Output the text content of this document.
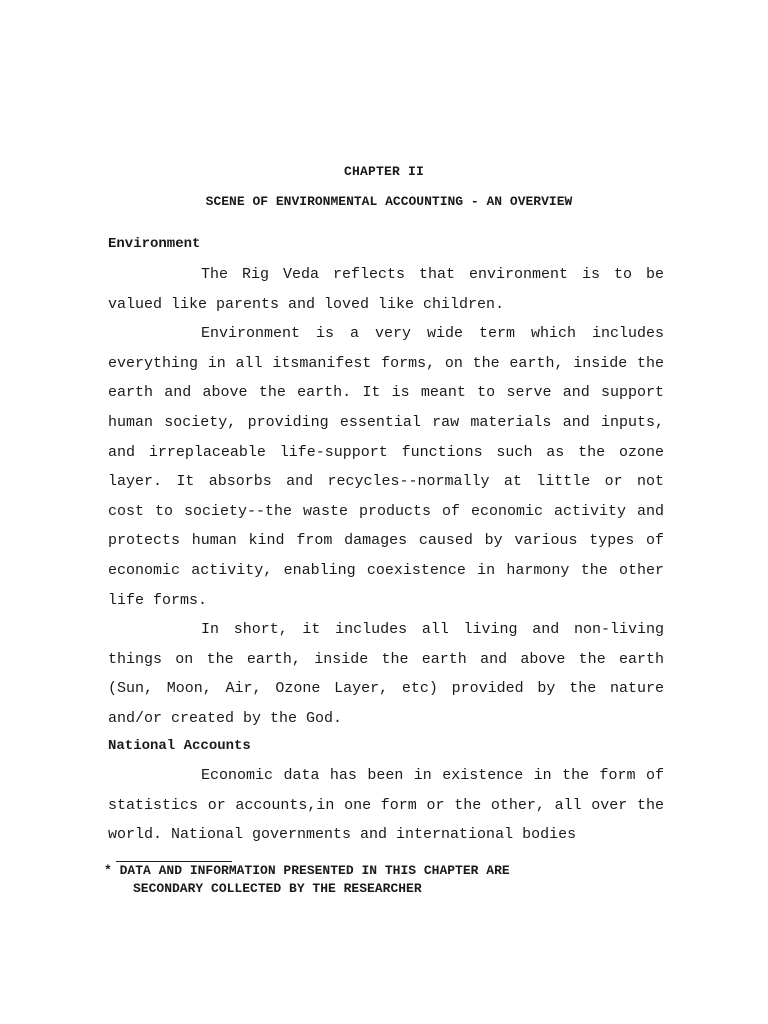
CHAPTER II
SCENE OF ENVIRONMENTAL ACCOUNTING - AN OVERVIEW
Environment

The Rig Veda reflects that environment is to be valued like parents and loved like children.

Environment is a very wide term which includes everything in all itsmanifest forms, on the earth, inside the earth and above the earth. It is meant to serve and support human society, providing essential raw materials and inputs, and irreplaceable life-support functions such as the ozone layer. It absorbs and recycles--normally at little or not cost to society--the waste products of economic activity and protects human kind from damages caused by various types of economic activity, enabling coexistence in harmony the other life forms.

In short, it includes all living and non-living things on the earth, inside the earth and above the earth (Sun, Moon, Air, Ozone Layer, etc) provided by the nature and/or created by the God.

National Accounts

Economic data has been in existence in the form of statistics or accounts,in one form or the other, all over the world. National governments and international bodies

* DATA AND INFORMATION PRESENTED IN THIS CHAPTER ARE
SECONDARY COLLECTED BY THE RESEARCHER
